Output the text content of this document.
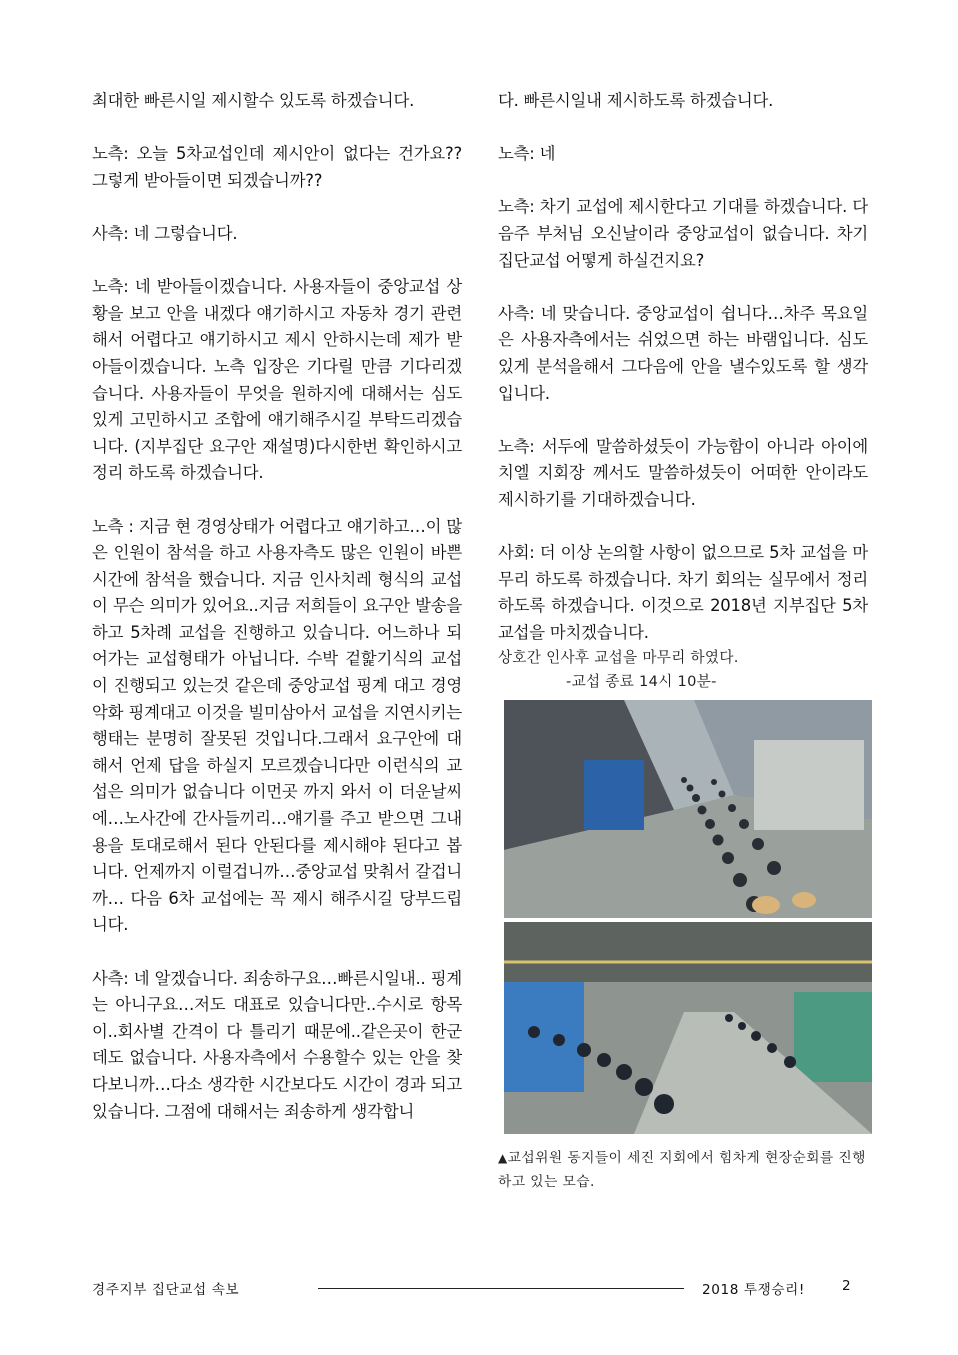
최대한 빠른시일 제시할수 있도록 하겠습니다.

노측: 오늘 5차교섭인데 제시안이 없다는 건가요?? 그렇게 받아들이면 되겠습니까??

사측: 네 그렇습니다.

노측: 네 받아들이겠습니다. 사용자들이 중앙교섭 상황을 보고 안을 내겠다 얘기하시고 자동차 경기 관련해서 어렵다고 얘기하시고 제시 안하시는데 제가 받아들이겠습니다. 노측 입장은 기다릴 만큼 기다리겠습니다. 사용자들이 무엇을 원하지에 대해서는 심도있게 고민하시고 조합에 얘기해주시길 부탁드리겠습니다. (지부집단 요구안 재설명)다시한번 확인하시고 정리 하도록 하겠습니다.

노측 : 지금 현 경영상태가 어렵다고 얘기하고…이 많은 인원이 참석을 하고 사용자측도 많은 인원이 바쁜시간에 참석을 했습니다. 지금 인사치레 형식의 교섭이 무슨 의미가 있어요..지금 저희들이 요구안 발송을 하고 5차례 교섭을 진행하고 있습니다. 어느하나 되어가는 교섭형태가 아닙니다. 수박 겉핥기식의 교섭이 진행되고 있는것 같은데 중앙교섭 핑계 대고 경영악화 핑계대고 이것을 빌미삼아서 교섭을 지연시키는 행태는 분명히 잘못된 것입니다.그래서 요구안에 대해서 언제 답을 하실지 모르겠습니다만 이런식의 교섭은 의미가 없습니다 이먼곳 까지 와서 이 더운날씨에…노사간에 간사들끼리…얘기를 주고 받으면 그내용을 토대로해서 된다 안된다를 제시해야 된다고 봅니다. 언제까지 이럴겁니까…중앙교섭 맞춰서 갈겁니까… 다음 6차 교섭에는 꼭 제시 해주시길 당부드립니다.

사측: 네 알겠습니다. 죄송하구요…빠른시일내.. 핑계는 아니구요…저도 대표로 있습니다만..수시로 항목이..회사별 간격이 다 틀리기 때문에..같은곳이 한군데도 없습니다. 사용자측에서 수용할수 있는 안을 찾다보니까…다소 생각한 시간보다도 시간이 경과 되고 있습니다. 그점에 대해서는 죄송하게 생각합니

다. 빠른시일내 제시하도록 하겠습니다.

노측: 네

노측: 차기 교섭에 제시한다고 기대를 하겠습니다. 다음주 부처님 오신날이라 중앙교섭이 없습니다. 차기 집단교섭 어떻게 하실건지요?

사측: 네 맞습니다. 중앙교섭이 쉽니다…차주 목요일은 사용자측에서는 쉬었으면 하는 바램입니다. 심도있게 분석을해서 그다음에 안을 낼수있도록 할 생각입니다.

노측: 서두에 말씀하셨듯이 가능함이 아니라 아이에치엘 지회장 께서도 말씀하셨듯이 어떠한 안이라도 제시하기를 기대하겠습니다.

사회: 더 이상 논의할 사항이 없으므로 5차 교섭을 마무리 하도록 하겠습니다. 차기 회의는 실무에서 정리하도록 하겠습니다. 이것으로 2018년 지부집단 5차 교섭을 마치겠습니다.

상호간 인사후 교섭을 마무리 하였다.
-교섭 종료 14시 10분-
▲교섭위원 동지들이 세진 지회에서 힘차게 현장순회를 진행하고 있는 모습.
경주지부 집단교섭 속보	2018 투쟁승리!	2
